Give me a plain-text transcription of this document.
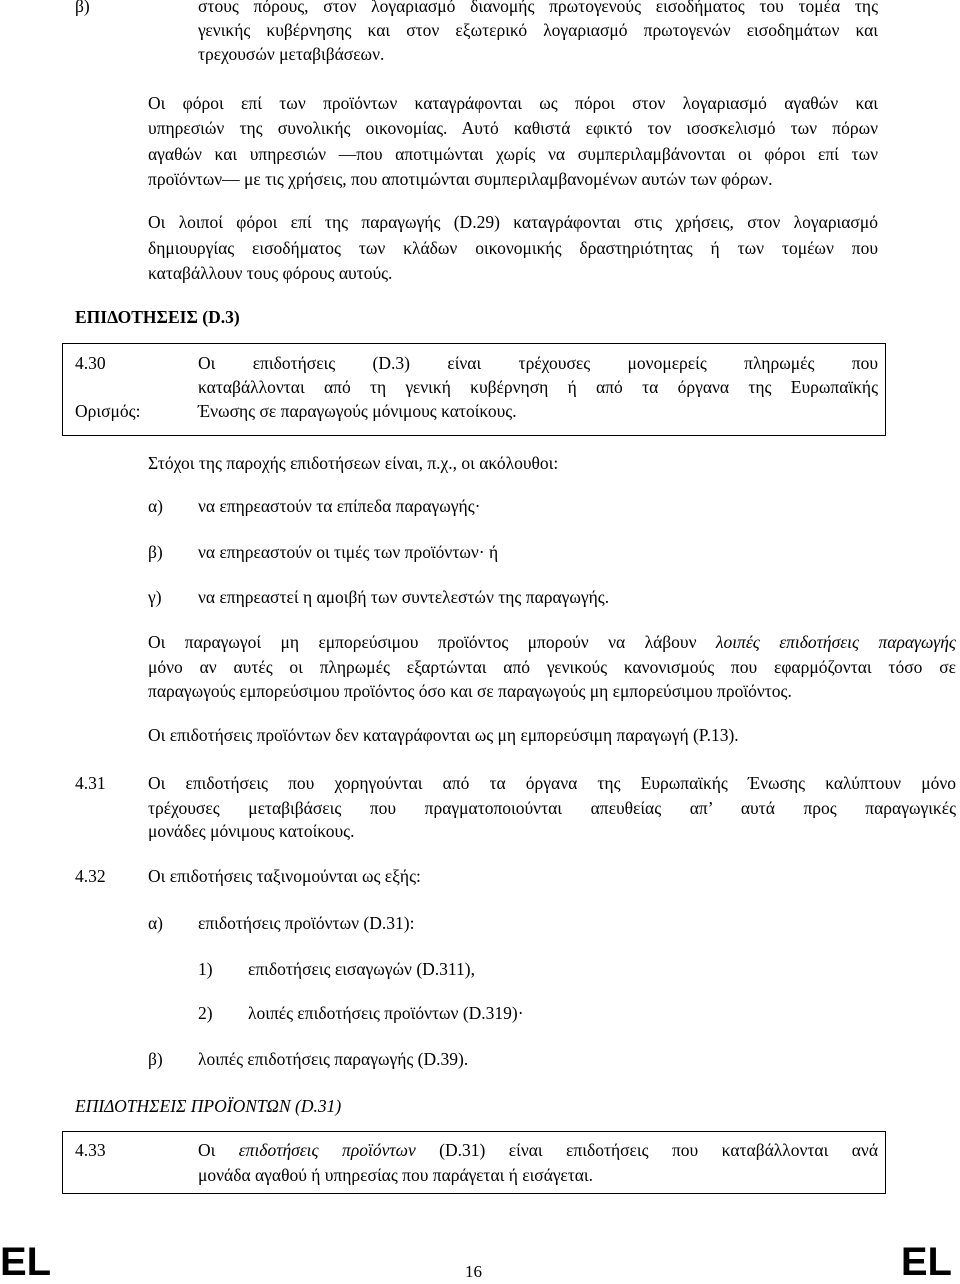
β)	στους πόρους, στον λογαριασμό διανομής πρωτογενούς εισοδήματος του τομέα της
γενικής κυβέρνησης και στον εξωτερικό λογαριασμό πρωτογενών εισοδημάτων και
τρεχουσών μεταβιβάσεων.
Οι φόροι επί των προϊόντων καταγράφονται ως πόροι στον λογαριασμό αγαθών και
υπηρεσιών της συνολικής οικονομίας. Αυτό καθιστά εφικτό τον ισοσκελισμό των πόρων
αγαθών και υπηρεσιών —που αποτιμώνται χωρίς να συμπεριλαμβάνονται οι φόροι επί των
προϊόντων— με τις χρήσεις, που αποτιμώνται συμπεριλαμβανομένων αυτών των φόρων.
Οι λοιποί φόροι επί της παραγωγής (D.29) καταγράφονται στις χρήσεις, στον λογαριασμό
δημιουργίας εισοδήματος των κλάδων οικονομικής δραστηριότητας ή των τομέων που
καταβάλλουν τους φόρους αυτούς.
ΕΠΙΔΟΤΗΣΕΙΣ (D.3)
4.30
Ορισμός:
Οι επιδοτήσεις (D.3) είναι τρέχουσες μονομερείς πληρωμές που
καταβάλλονται από τη γενική κυβέρνηση ή από τα όργανα της Ευρωπαϊκής
Ένωσης σε παραγωγούς μόνιμους κατοίκους.
Στόχοι της παροχής επιδοτήσεων είναι, π.χ., οι ακόλουθοι:
α) να επηρεαστούν τα επίπεδα παραγωγής·
β) να επηρεαστούν οι τιμές των προϊόντων· ή
γ) να επηρεαστεί η αμοιβή των συντελεστών της παραγωγής.
Οι παραγωγοί μη εμπορεύσιμου προϊόντος μπορούν να λάβουν λοιπές επιδοτήσεις παραγωγής
μόνο αν αυτές οι πληρωμές εξαρτώνται από γενικούς κανονισμούς που εφαρμόζονται τόσο σε
παραγωγούς εμπορεύσιμου προϊόντος όσο και σε παραγωγούς μη εμπορεύσιμου προϊόντος.
Οι επιδοτήσεις προϊόντων δεν καταγράφονται ως μη εμπορεύσιμη παραγωγή (P.13).
4.31 Οι επιδοτήσεις που χορηγούνται από τα όργανα της Ευρωπαϊκής Ένωσης καλύπτουν μόνο
τρέχουσες μεταβιβάσεις που πραγματοποιούνται απευθείας απ’ αυτά προς παραγωγικές
μονάδες μόνιμους κατοίκους.
4.32 Οι επιδοτήσεις ταξινομούνται ως εξής:
α) επιδοτήσεις προϊόντων (D.31):
1) επιδοτήσεις εισαγωγών (D.311),
2) λοιπές επιδοτήσεις προϊόντων (D.319)·
β) λοιπές επιδοτήσεις παραγωγής (D.39).
ΕΠΙΔΟΤΗΣΕΙΣ ΠΡΟΪΟΝΤΩΝ (D.31)
4.33	Οι επιδοτήσεις προϊόντων (D.31) είναι επιδοτήσεις που καταβάλλονται ανά
μονάδα αγαθού ή υπηρεσίας που παράγεται ή εισάγεται.
EL	16	EL
